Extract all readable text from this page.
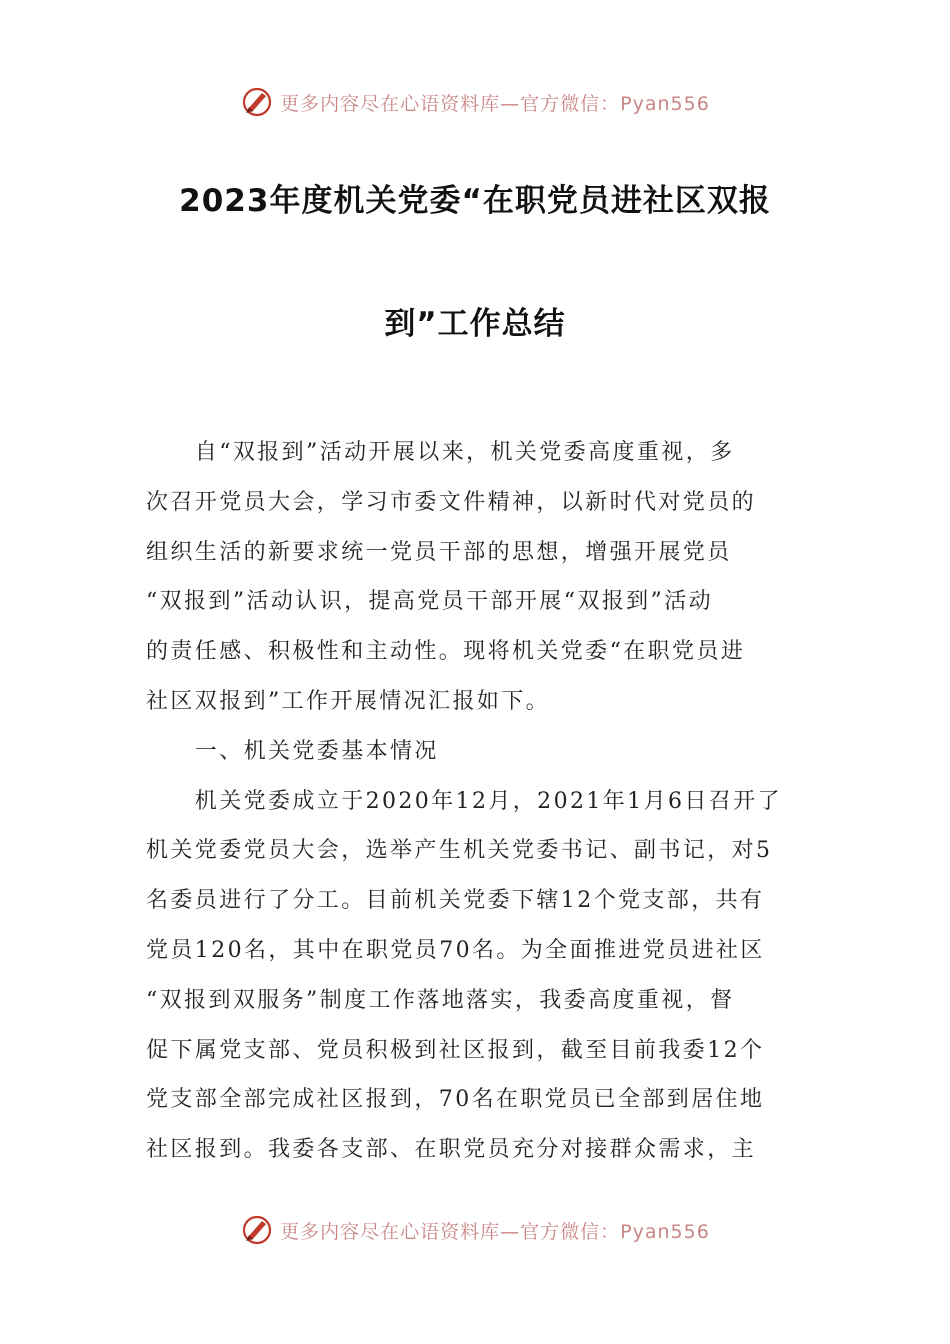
更多内容尽在心语资料库—官方微信：Pyan556
2023年度机关党委“在职党员进社区双报
到”工作总结
　　自“双报到”活动开展以来，机关党委高度重视，多
次召开党员大会，学习市委文件精神，以新时代对党员的
组织生活的新要求统一党员干部的思想，增强开展党员
“双报到”活动认识，提高党员干部开展“双报到”活动
的责任感、积极性和主动性。现将机关党委“在职党员进
社区双报到”工作开展情况汇报如下。
　　一、机关党委基本情况
　　机关党委成立于2020年12月，2021年1月6日召开了
机关党委党员大会，选举产生机关党委书记、副书记，对5
名委员进行了分工。目前机关党委下辖12个党支部，共有
党员120名，其中在职党员70名。为全面推进党员进社区
“双报到双服务”制度工作落地落实，我委高度重视，督
促下属党支部、党员积极到社区报到，截至目前我委12个
党支部全部完成社区报到，70名在职党员已全部到居住地
社区报到。我委各支部、在职党员充分对接群众需求，主
更多内容尽在心语资料库—官方微信：Pyan556
